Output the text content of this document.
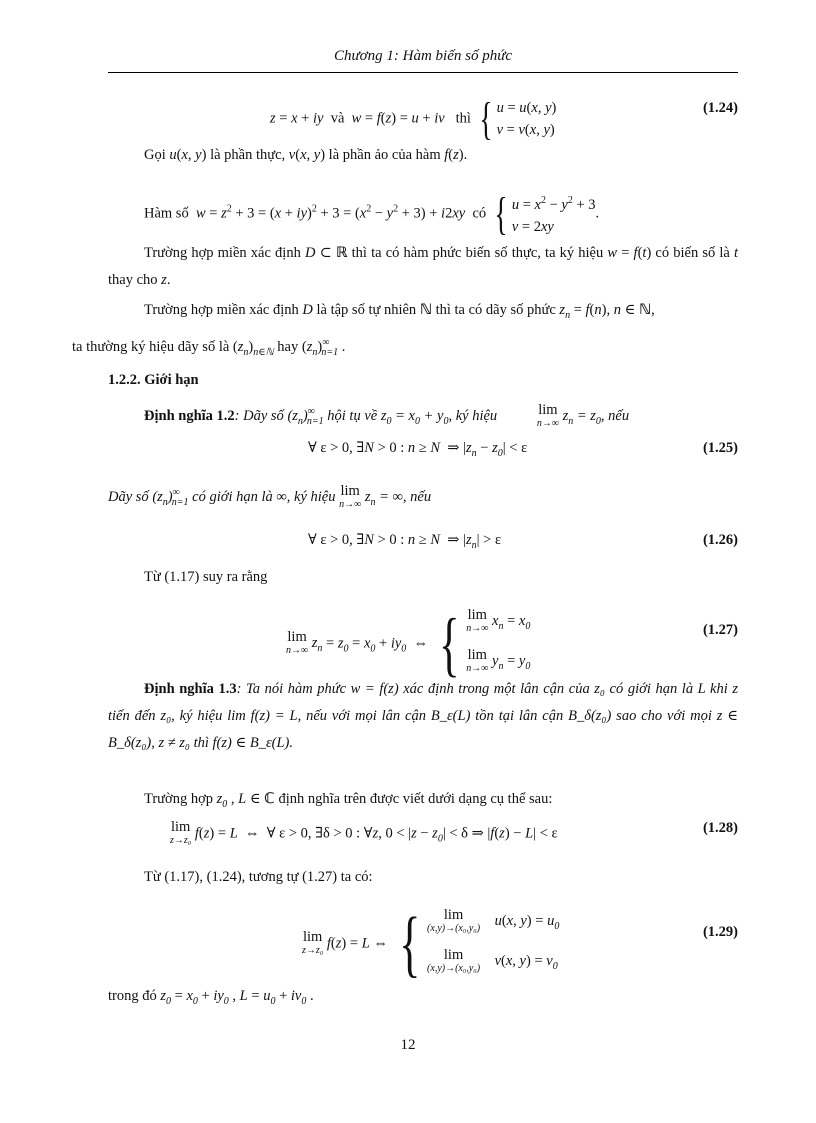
Chương 1: Hàm biến số phức
z = x + iy và w = f(z) = u + iv thì { u = u(x, y)
v = v(x, y)
(1.24)
Gọi u(x, y) là phần thực, v(x, y) là phần ảo của hàm f(z).
Hàm số $w = z^2 + 3 = (x + iy)^2 + 3 = (x^2 - y^2 + 3) + i2xy$ có { $u = x^2 - y^2 + 3$
v = 2xy.
Trường hợp miền xác định D ⊂ ℝ thì ta có hàm phức biến số thực, ta ký hiệu w = f(t) có biến số là t thay cho z.
Trường hợp miền xác định D là tập số tự nhiên ℕ thì ta có dãy số phức $z_n = f(n)$, n ∈ ℕ,
ta thường ký hiệu dãy số là $(z_n)_{n\in ℕ}$ hay $(z_n)^\infty_{n=1}$ .
1.2.2. Giới hạn
Định nghĩa 1.2: Dãy số $(z_n)^\infty_{n=1}$ hội tụ về $z_0 = x_0 + y_0$, ký hiệu	lim
n→∞ $z_n = z_0$, nếu
∀ ε > 0, ∃N > 0 : n ≥ N  ⇒ $|z_n - z_0| < \varepsilon$	(1.25)
Dãy số $(z_n)^\infty_{n=1}$ có giới hạn là ∞, ký hiệu lim
n→∞ $z_n$ = ∞, nếu
∀ ε > 0, ∃N > 0 : n ≥ N  ⇒ $|z_n| > \varepsilon$	(1.26)
Từ (1.17) suy ra rằng
lim
n→∞ $z_n = z_0 = x_0 + iy_0$  ⇔ { lim
n→∞ $x_n = x_0$

lim
n→∞ $y_n = y_0$
(1.27)
Định nghĩa 1.3: Ta nói hàm phức w = f(z) xác định trong một lân cận của z₀ có giới hạn là L khi z tiến đến z₀, ký hiệu lim f(z) = L, nếu với mọi lân cận B_ε(L) tồn tại lân cận B_δ(z₀) sao cho với mọi z ∈ B_δ(z₀), z ≠ z₀ thì f(z) ∈ B_ε(L).
Trường hợp $z_0$ , L ∈ ℂ định nghĩa trên được viết dưới dạng cụ thể sau:
lim
z→z₀ f(z) = L  ⇔  ∀ ε > 0, ∃δ > 0 : ∀z, $0 < |z - z_0| < \delta$ ⇒ |f(z) − L| < ε	(1.28)
Từ (1.17), (1.24), tương tự (1.27) ta có:
lim
z→z₀ f(z) = L ⇔ {	lim
(x,y)→(x₀,y₀) u(x, $y) = u_0$

lim
(x,y)→(x₀,y₀) v(x, $y) = v_0$
(1.29)
trong đó $z_0 = x_0 + iy_0$ , $L = u_0 + iv_0$ .
12
